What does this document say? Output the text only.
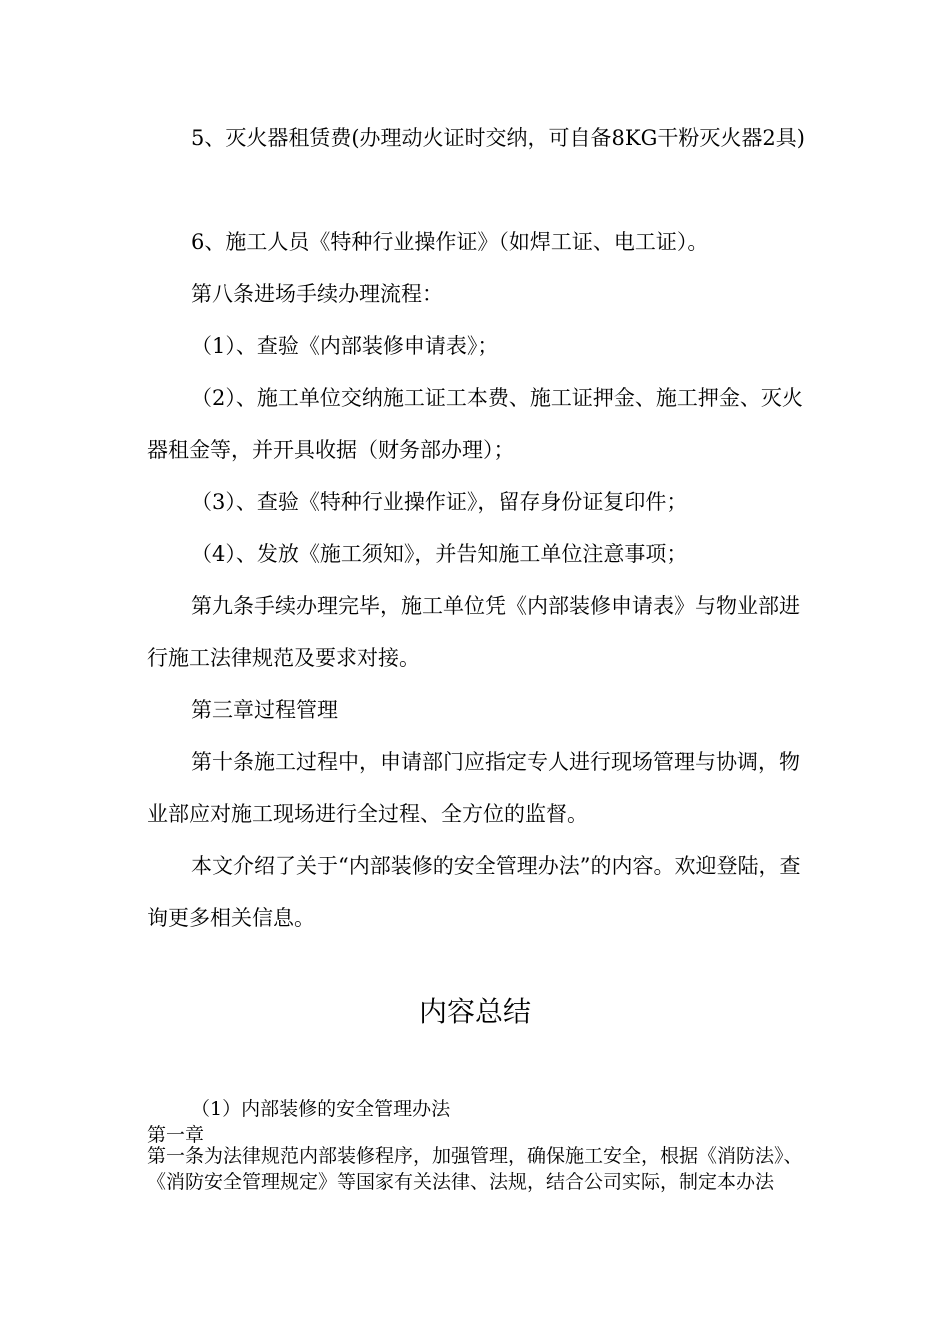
5、灭火器租赁费(办理动火证时交纳，可自备8KG干粉灭火器2具)

6、施工人员《特种行业操作证》（如焊工证、电工证）。

第八条进场手续办理流程：

（1）、查验《内部装修申请表》；

（2）、施工单位交纳施工证工本费、施工证押金、施工押金、灭火器租金等，并开具收据（财务部办理）；

（3）、查验《特种行业操作证》，留存身份证复印件；

（4）、发放《施工须知》，并告知施工单位注意事项；

第九条手续办理完毕，施工单位凭《内部装修申请表》与物业部进行施工法律规范及要求对接。

第三章过程管理

第十条施工过程中，申请部门应指定专人进行现场管理与协调，物业部应对施工现场进行全过程、全方位的监督。

本文介绍了关于“内部装修的安全管理办法”的内容。欢迎登陆，查询更多相关信息。

内容总结

（1）内部装修的安全管理办法

第一章

第一条为法律规范内部装修程序，加强管理，确保施工安全，根据《消防法》、《消防安全管理规定》等国家有关法律、法规，结合公司实际，制定本办法
